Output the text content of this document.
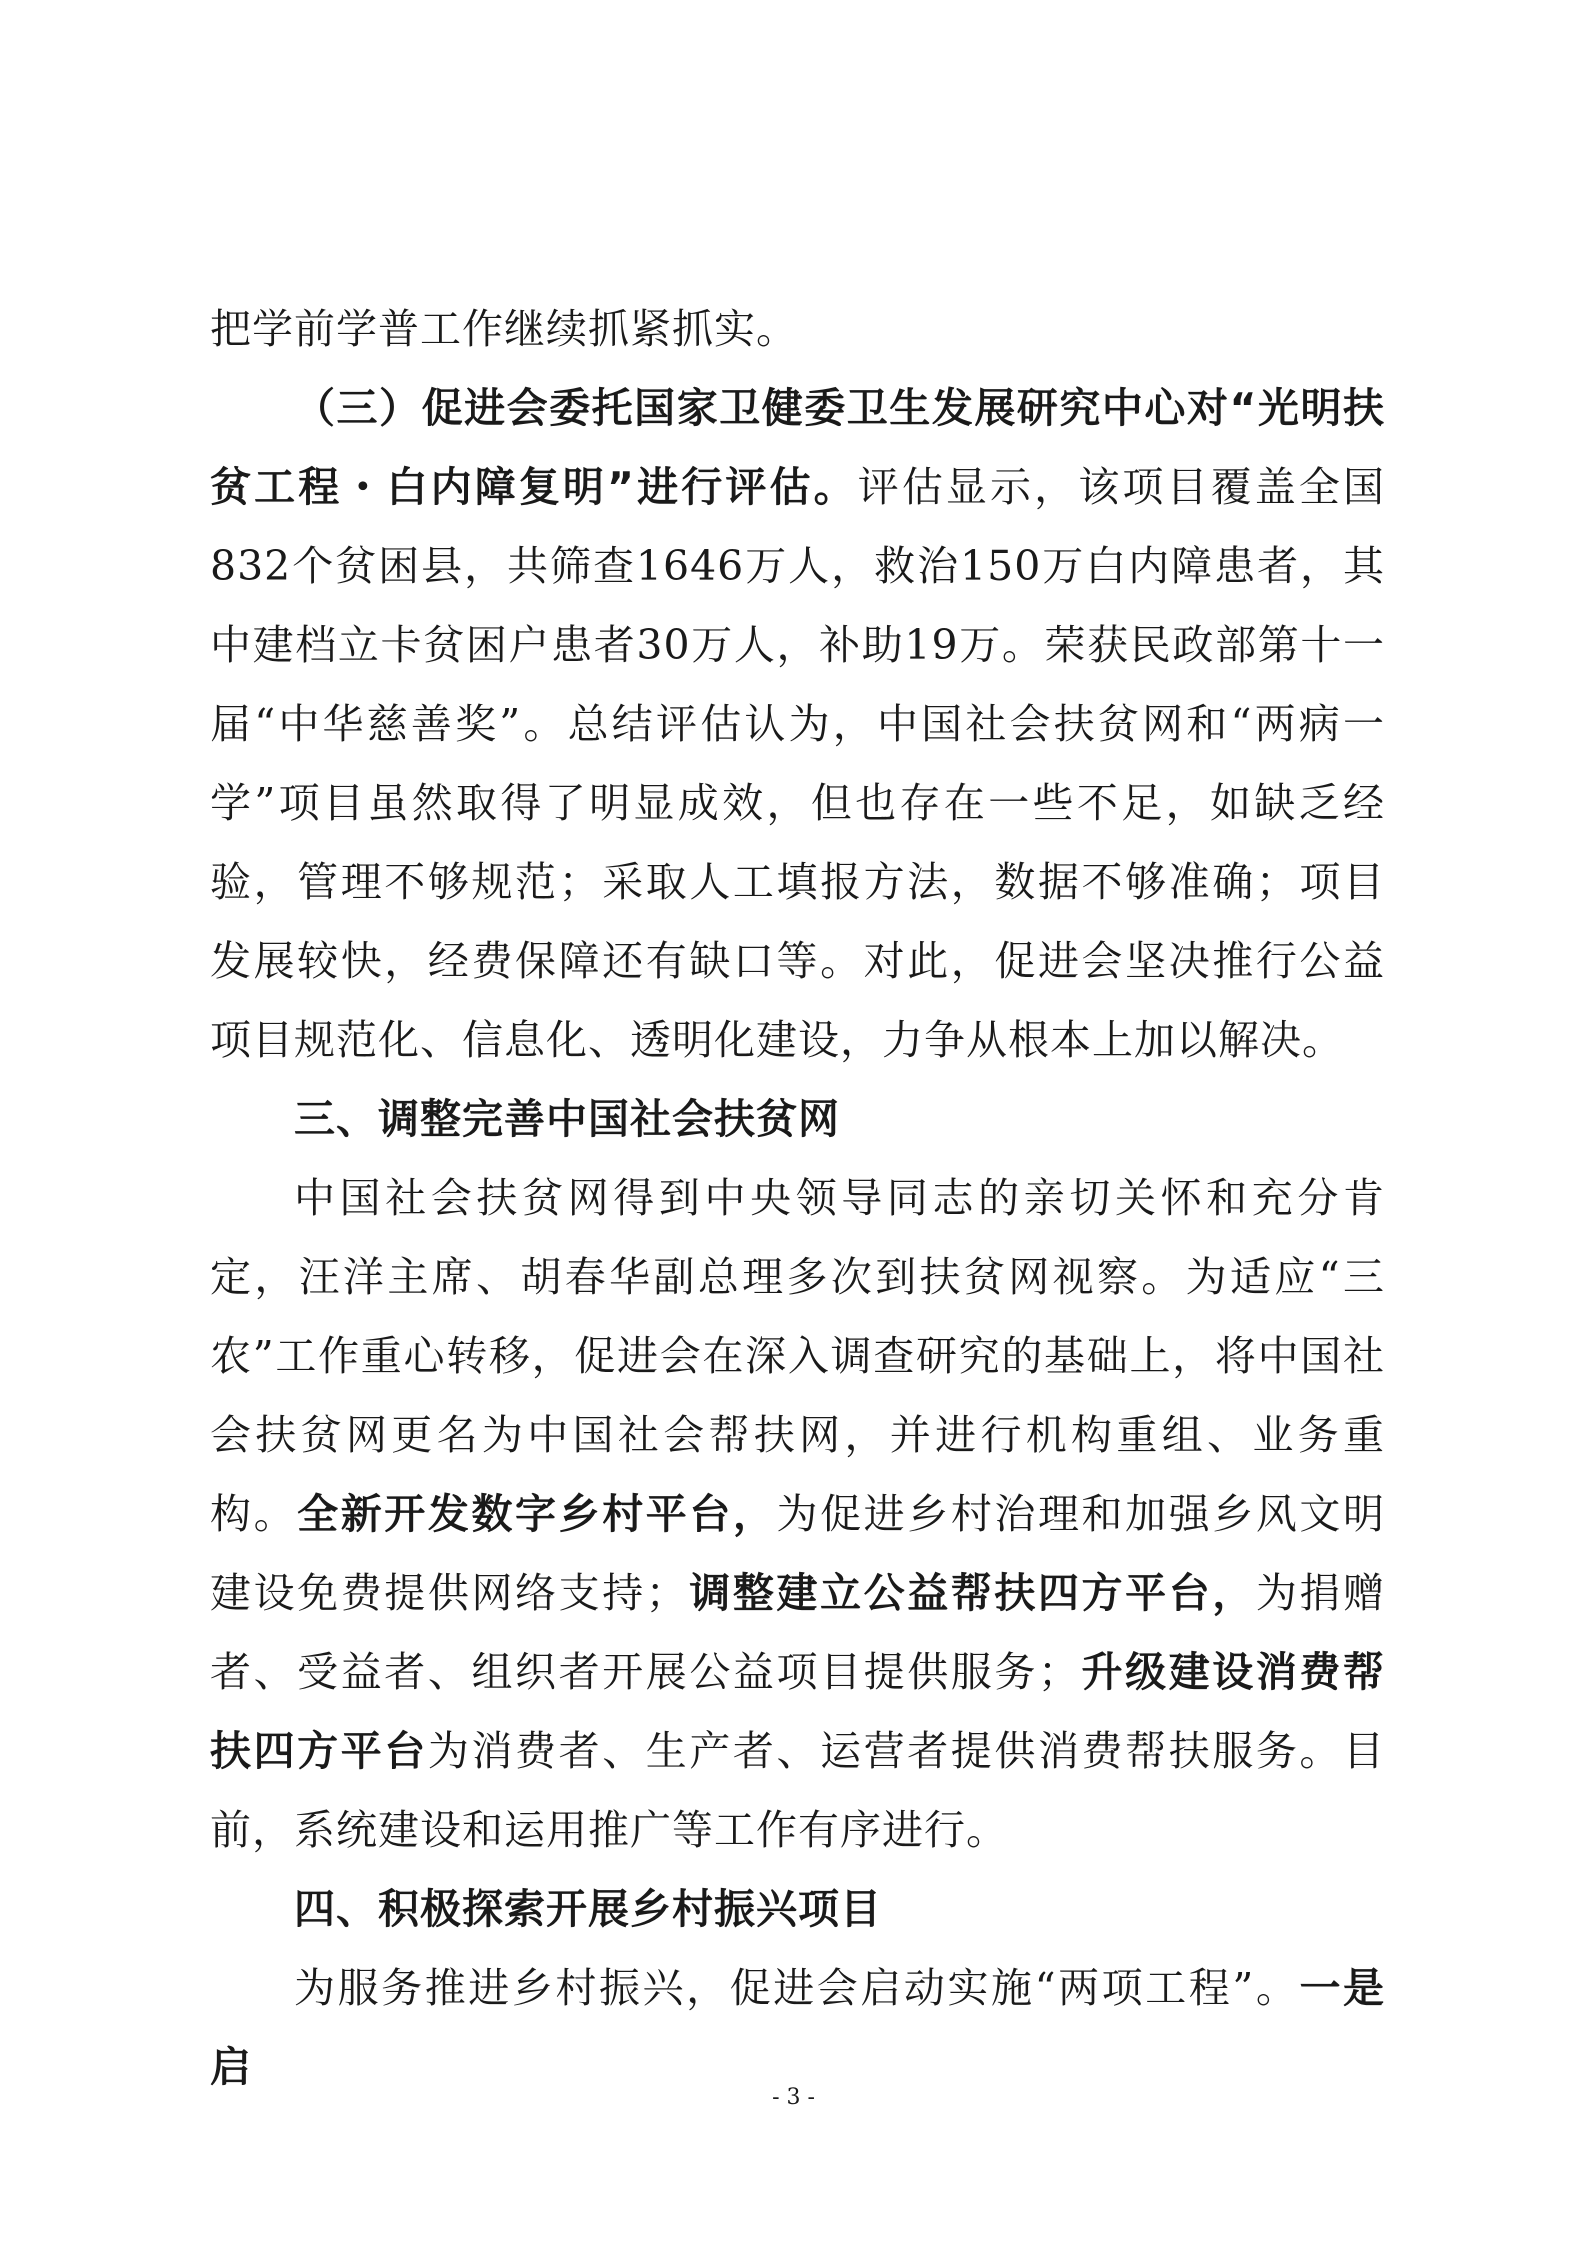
把学前学普工作继续抓紧抓实。

（三）促进会委托国家卫健委卫生发展研究中心对“光明扶贫工程・白内障复明”进行评估。评估显示，该项目覆盖全国832个贫困县，共筛查1646万人，救治150万白内障患者，其中建档立卡贫困户患者30万人，补助19万。荣获民政部第十一届“中华慈善奖”。总结评估认为，中国社会扶贫网和“两病一学”项目虽然取得了明显成效，但也存在一些不足，如缺乏经验，管理不够规范；采取人工填报方法，数据不够准确；项目发展较快，经费保障还有缺口等。对此，促进会坚决推行公益项目规范化、信息化、透明化建设，力争从根本上加以解决。

三、调整完善中国社会扶贫网

中国社会扶贫网得到中央领导同志的亲切关怀和充分肯定，汪洋主席、胡春华副总理多次到扶贫网视察。为适应“三农”工作重心转移，促进会在深入调查研究的基础上，将中国社会扶贫网更名为中国社会帮扶网，并进行机构重组、业务重构。全新开发数字乡村平台，为促进乡村治理和加强乡风文明建设免费提供网络支持；调整建立公益帮扶四方平台，为捐赠者、受益者、组织者开展公益项目提供服务；升级建设消费帮扶四方平台为消费者、生产者、运营者提供消费帮扶服务。目前，系统建设和运用推广等工作有序进行。

四、积极探索开展乡村振兴项目

为服务推进乡村振兴，促进会启动实施“两项工程”。一是启

- 3 -
